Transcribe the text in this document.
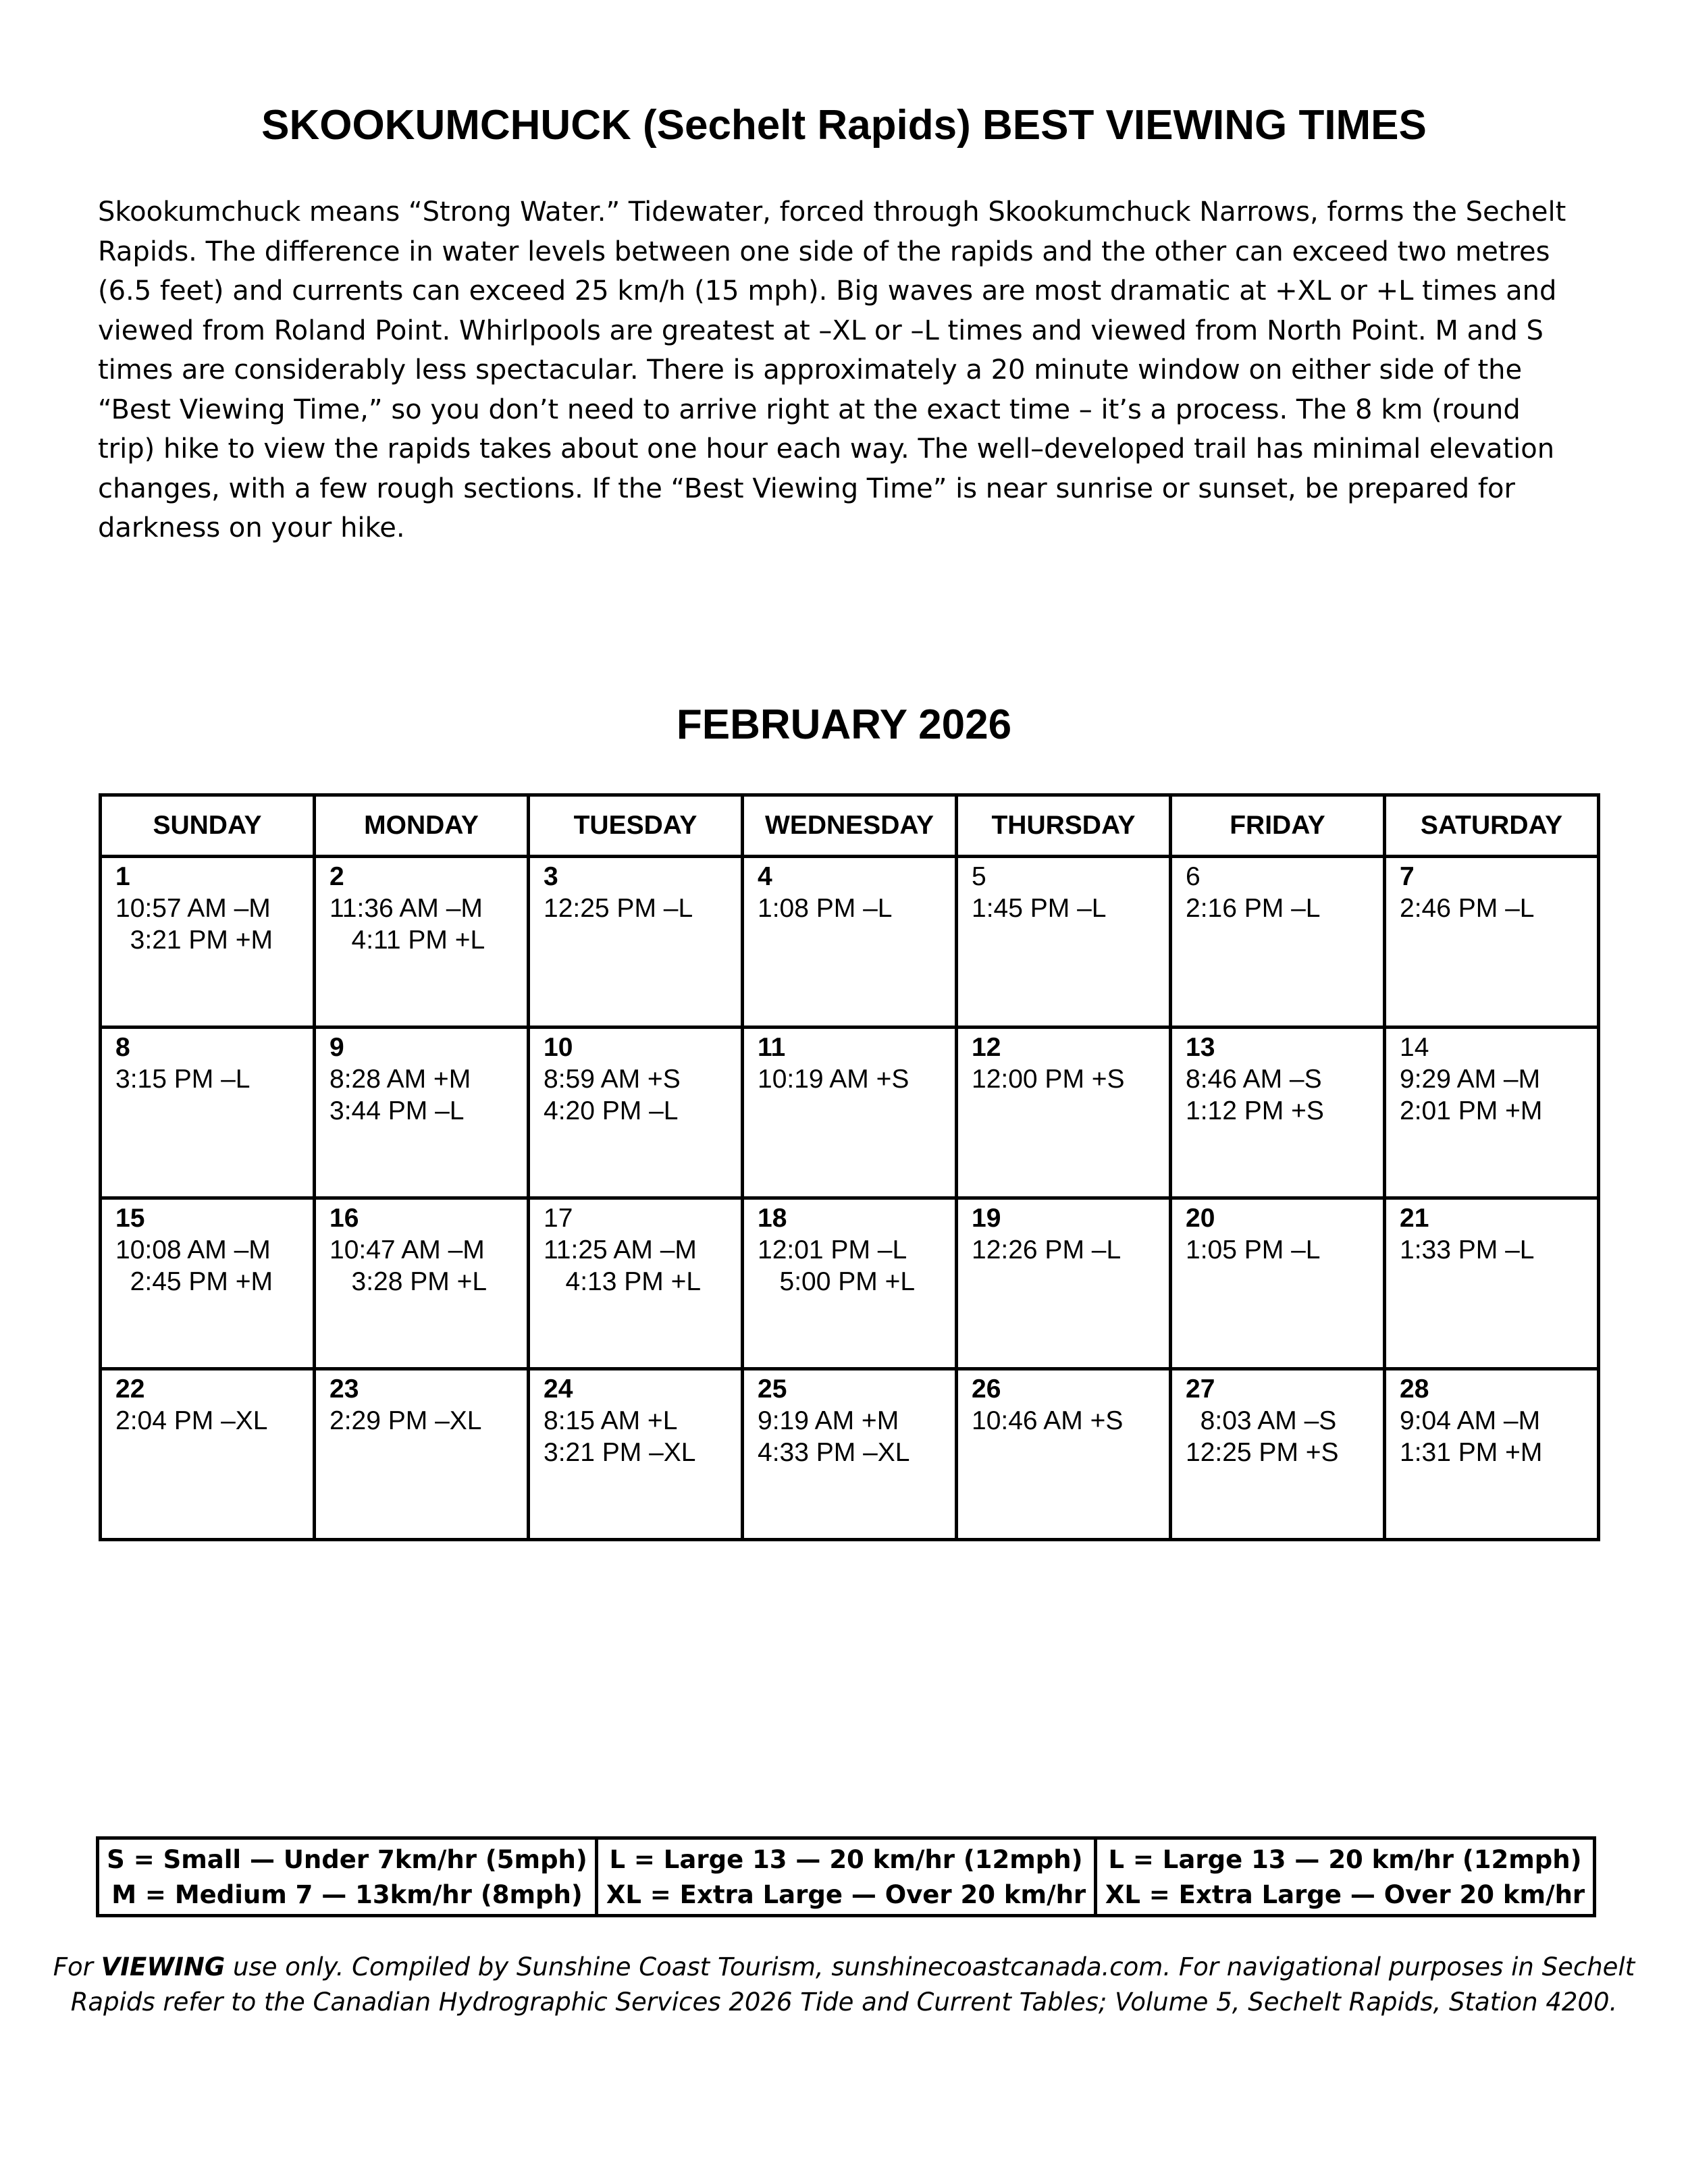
SKOOKUMCHUCK (Sechelt Rapids) BEST VIEWING TIMES

Skookumchuck means “Strong Water.” Tidewater, forced through Skookumchuck Narrows, forms the Sechelt Rapids. The difference in water levels between one side of the rapids and the other can exceed two metres (6.5 feet) and currents can exceed 25 km/h (15 mph). Big waves are most dramatic at +XL or +L times and viewed from Roland Point. Whirlpools are greatest at –XL or –L times and viewed from North Point. M and S times are considerably less spectacular. There is approximately a 20 minute window on either side of the “Best Viewing Time,” so you don’t need to arrive right at the exact time – it’s a process. The 8 km (round trip) hike to view the rapids takes about one hour each way. The well–developed trail has minimal elevation changes, with a few rough sections. If the “Best Viewing Time” is near sunrise or sunset, be prepared for darkness on your hike.

FEBRUARY 2026
SUNDAY	MONDAY	TUESDAY	WEDNESDAY	THURSDAY	FRIDAY	SATURDAY

1
10:57 AM –M
3:21 PM +M	2
11:36 AM –M
4:11 PM +L	3
12:25 PM –L	4
1:08 PM –L	5
1:45 PM –L	6
2:16 PM –L	7
2:46 PM –L

8
3:15 PM –L	9
8:28 AM +M
3:44 PM –L	10
8:59 AM +S
4:20 PM –L	11
10:19 AM +S	12
12:00 PM +S	13
8:46 AM –S
1:12 PM +S	14
9:29 AM –M
2:01 PM +M

15
10:08 AM –M
2:45 PM +M	16
10:47 AM –M
3:28 PM +L	17
11:25 AM –M
4:13 PM +L	18
12:01 PM –L
5:00 PM +L	19
12:26 PM –L	20
1:05 PM –L	21
1:33 PM –L

22
2:04 PM –XL	23
2:29 PM –XL	24
8:15 AM +L
3:21 PM –XL	25
9:19 AM +M
4:33 PM –XL	26
10:46 AM +S	27
8:03 AM –S
12:25 PM +S	28
9:04 AM –M
1:31 PM +M
S = Small — Under 7km/hr (5mph)
M = Medium 7 — 13km/hr (8mph)

L = Large 13 — 20 km/hr (12mph)
XL = Extra Large — Over 20 km/hr

L = Large 13 — 20 km/hr (12mph)
XL = Extra Large — Over 20 km/hr

For VIEWING use only. Compiled by Sunshine Coast Tourism, sunshinecoastcanada.com. For navigational purposes in Sechelt
Rapids refer to the Canadian Hydrographic Services 2026 Tide and Current Tables; Volume 5, Sechelt Rapids, Station 4200.
